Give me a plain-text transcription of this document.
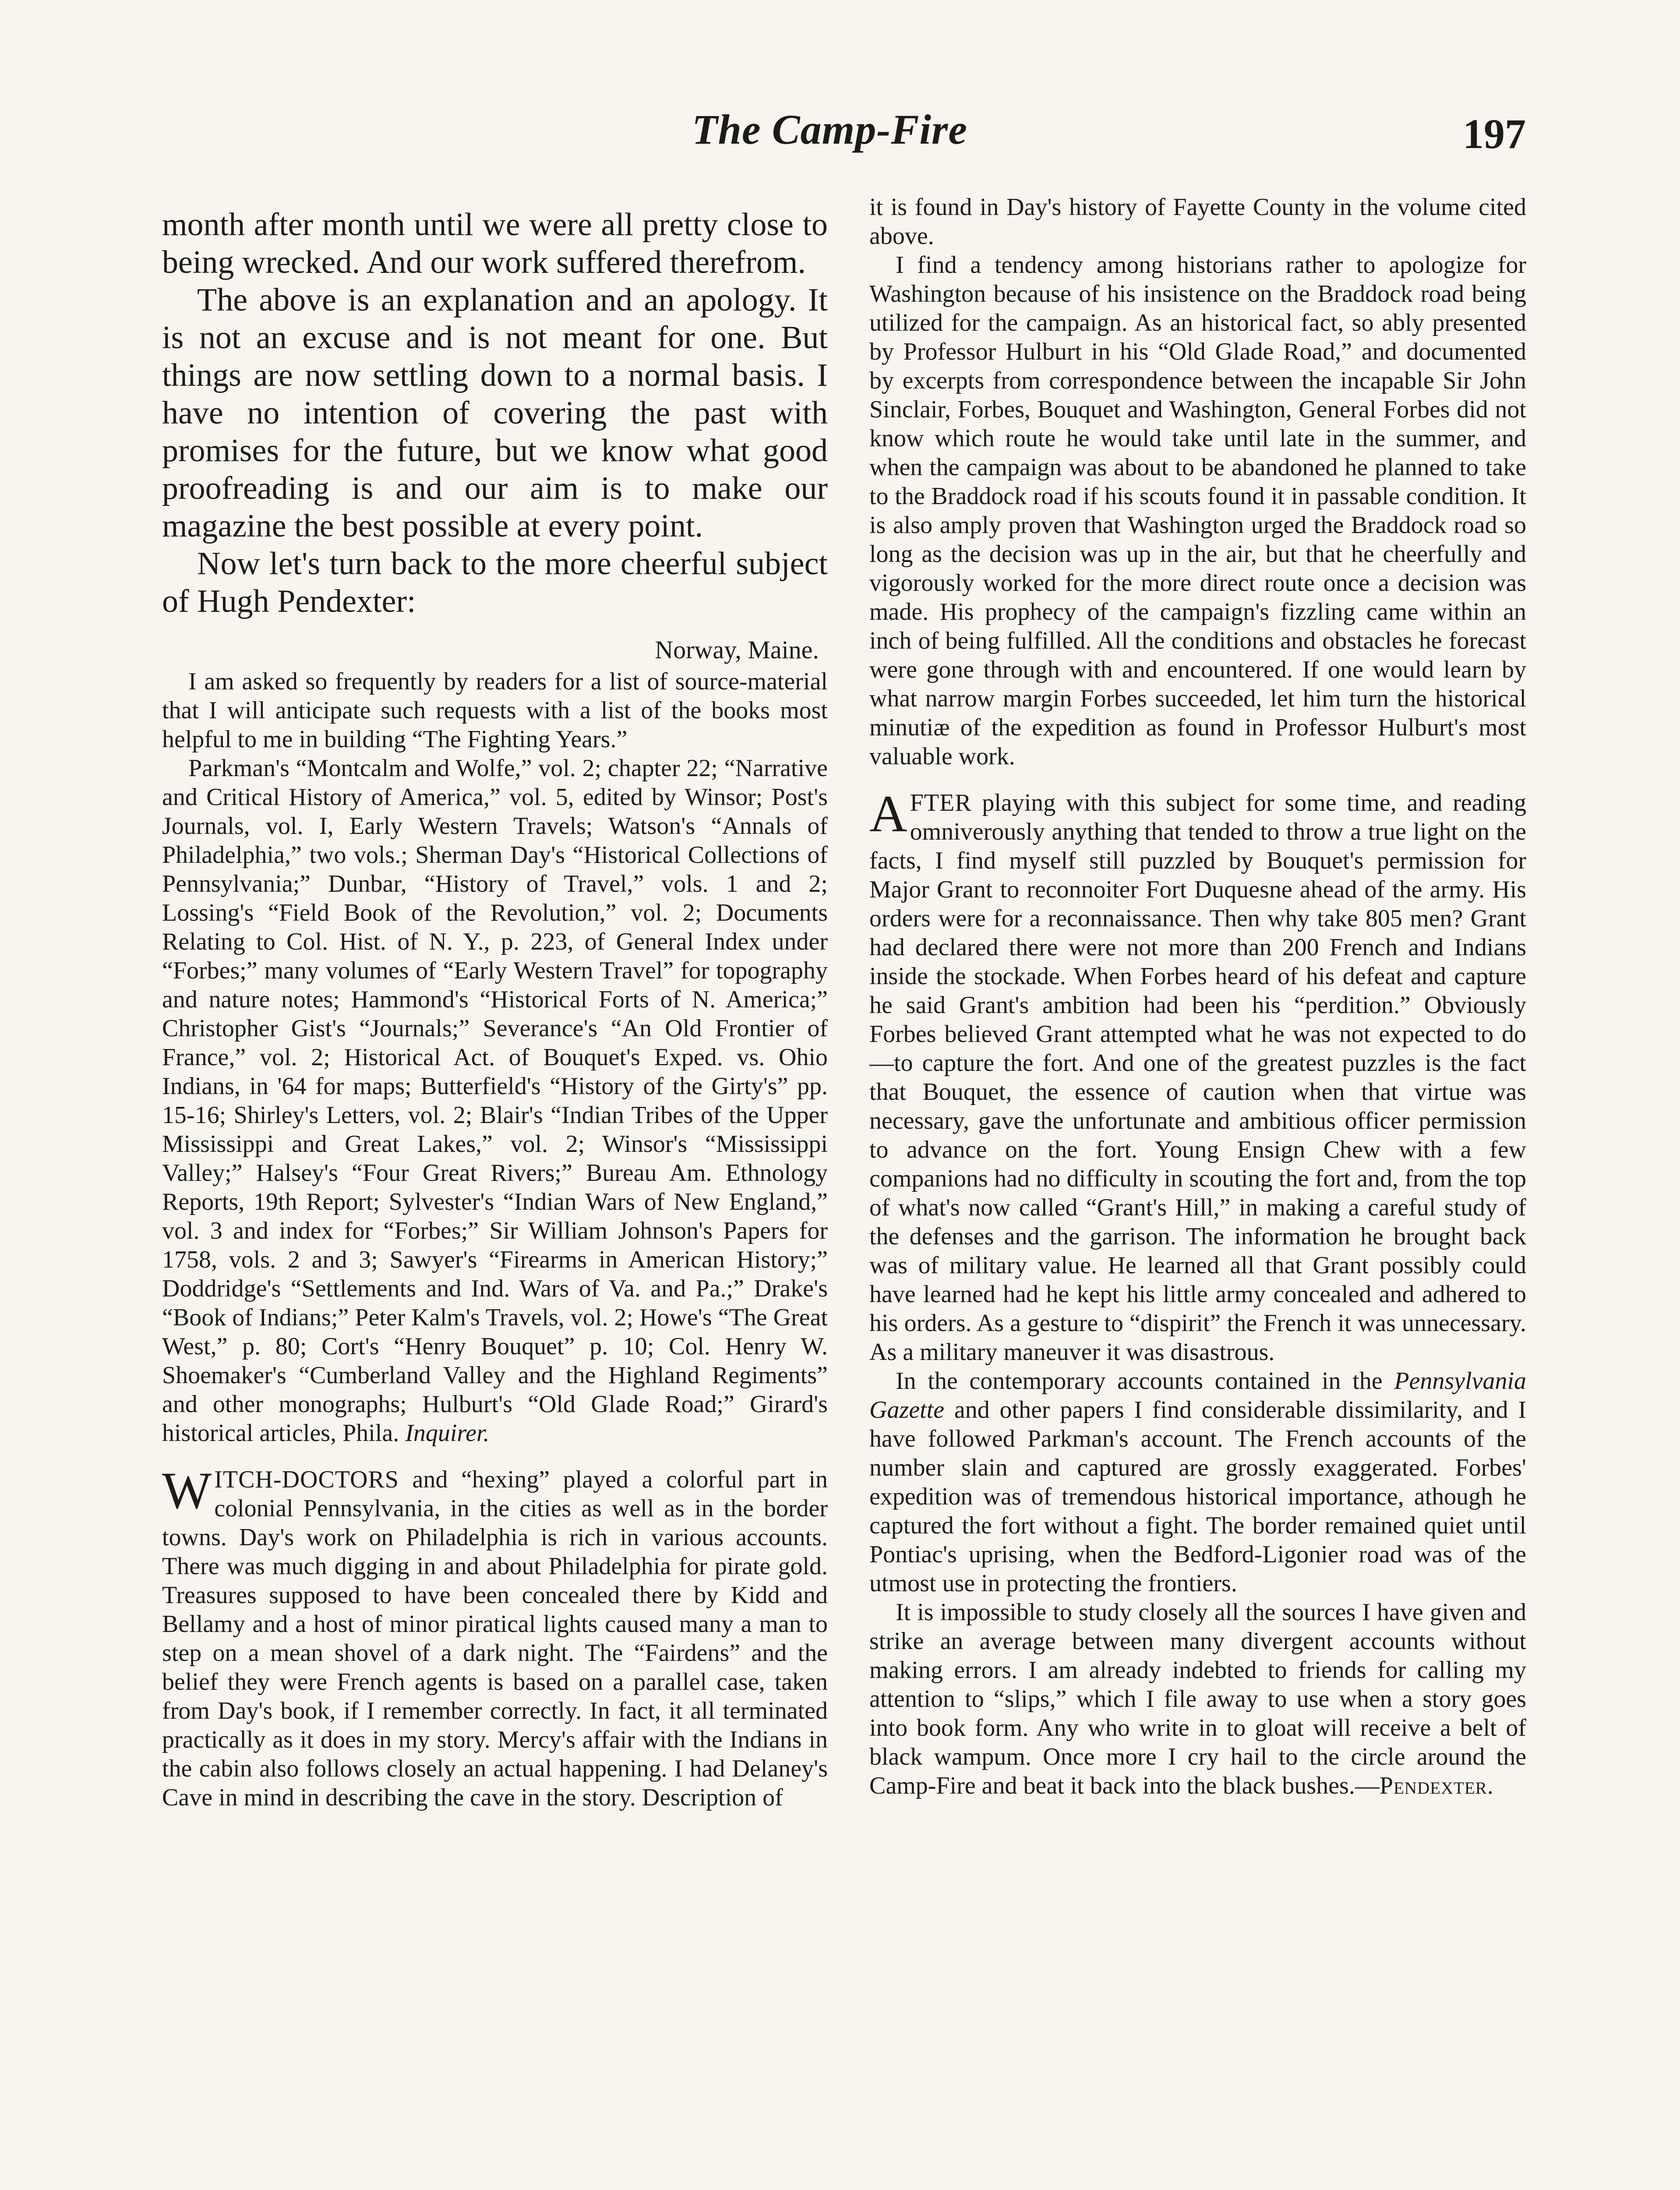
The Camp-Fire	197

month after month until we were all pretty close to being wrecked. And our work suffered therefrom.

The above is an explanation and an apology. It is not an excuse and is not meant for one. But things are now settling down to a normal basis. I have no intention of covering the past with promises for the future, but we know what good proofreading is and our aim is to make our magazine the best possible at every point.

Now let's turn back to the more cheerful subject of Hugh Pendexter:

Norway, Maine.

I am asked so frequently by readers for a list of source-material that I will anticipate such requests with a list of the books most helpful to me in building “The Fighting Years.”

Parkman's “Montcalm and Wolfe,” vol. 2; chapter 22; “Narrative and Critical History of America,” vol. 5, edited by Winsor; Post's Journals, vol. I, Early Western Travels; Watson's “Annals of Philadelphia,” two vols.; Sherman Day's “Historical Collections of Pennsylvania;” Dunbar, “History of Travel,” vols. 1 and 2; Lossing's “Field Book of the Revolution,” vol. 2; Documents Relating to Col. Hist. of N. Y., p. 223, of General Index under “Forbes;” many volumes of “Early Western Travel” for topography and nature notes; Hammond's “Historical Forts of N. America;” Christopher Gist's “Journals;” Severance's “An Old Frontier of France,” vol. 2; Historical Act. of Bouquet's Exped. vs. Ohio Indians, in '64 for maps; Butterfield's “History of the Girty's” pp. 15-16; Shirley's Letters, vol. 2; Blair's “Indian Tribes of the Upper Mississippi and Great Lakes,” vol. 2; Winsor's “Mississippi Valley;” Halsey's “Four Great Rivers;” Bureau Am. Ethnology Reports, 19th Report; Sylvester's “Indian Wars of New England,” vol. 3 and index for “Forbes;” Sir William Johnson's Papers for 1758, vols. 2 and 3; Sawyer's “Firearms in American History;” Doddridge's “Settlements and Ind. Wars of Va. and Pa.;” Drake's “Book of Indians;” Peter Kalm's Travels, vol. 2; Howe's “The Great West,” p. 80; Cort's “Henry Bouquet” p. 10; Col. Henry W. Shoemaker's “Cumberland Valley and the Highland Regiments” and other monographs; Hulburt's “Old Glade Road;” Girard's historical articles, Phila. Inquirer.

WITCH-DOCTORS and “hexing” played a colorful part in colonial Pennsylvania, in the cities as well as in the border towns. Day's work on Philadelphia is rich in various accounts. There was much digging in and about Philadelphia for pirate gold. Treasures supposed to have been concealed there by Kidd and Bellamy and a host of minor piratical lights caused many a man to step on a mean shovel of a dark night. The “Fairdens” and the belief they were French agents is based on a parallel case, taken from Day's book, if I remember correctly. In fact, it all terminated practically as it does in my story. Mercy's affair with the Indians in the cabin also follows closely an actual happening. I had Delaney's Cave in mind in describing the cave in the story. Description of

it is found in Day's history of Fayette County in the volume cited above.

I find a tendency among historians rather to apologize for Washington because of his insistence on the Braddock road being utilized for the campaign. As an historical fact, so ably presented by Professor Hulburt in his “Old Glade Road,” and documented by excerpts from correspondence between the incapable Sir John Sinclair, Forbes, Bouquet and Washington, General Forbes did not know which route he would take until late in the summer, and when the campaign was about to be abandoned he planned to take to the Braddock road if his scouts found it in passable condition. It is also amply proven that Washington urged the Braddock road so long as the decision was up in the air, but that he cheerfully and vigorously worked for the more direct route once a decision was made. His prophecy of the campaign's fizzling came within an inch of being fulfilled. All the conditions and obstacles he forecast were gone through with and encountered. If one would learn by what narrow margin Forbes succeeded, let him turn the historical minutiæ of the expedition as found in Professor Hulburt's most valuable work.

AFTER playing with this subject for some time, and reading omniverously anything that tended to throw a true light on the facts, I find myself still puzzled by Bouquet's permission for Major Grant to reconnoiter Fort Duquesne ahead of the army. His orders were for a reconnaissance. Then why take 805 men? Grant had declared there were not more than 200 French and Indians inside the stockade. When Forbes heard of his defeat and capture he said Grant's ambition had been his “perdition.” Obviously Forbes believed Grant attempted what he was not expected to do—to capture the fort. And one of the greatest puzzles is the fact that Bouquet, the essence of caution when that virtue was necessary, gave the unfortunate and ambitious officer permission to advance on the fort. Young Ensign Chew with a few companions had no difficulty in scouting the fort and, from the top of what's now called “Grant's Hill,” in making a careful study of the defenses and the garrison. The information he brought back was of military value. He learned all that Grant possibly could have learned had he kept his little army concealed and adhered to his orders. As a gesture to “dispirit” the French it was unnecessary. As a military maneuver it was disastrous.

In the contemporary accounts contained in the Pennsylvania Gazette and other papers I find considerable dissimilarity, and I have followed Parkman's account. The French accounts of the number slain and captured are grossly exaggerated. Forbes' expedition was of tremendous historical importance, athough he captured the fort without a fight. The border remained quiet until Pontiac's uprising, when the Bedford-Ligonier road was of the utmost use in protecting the frontiers.

It is impossible to study closely all the sources I have given and strike an average between many divergent accounts without making errors. I am already indebted to friends for calling my attention to “slips,” which I file away to use when a story goes into book form. Any who write in to gloat will receive a belt of black wampum. Once more I cry hail to the circle around the Camp-Fire and beat it back into the black bushes.—Pendexter.
